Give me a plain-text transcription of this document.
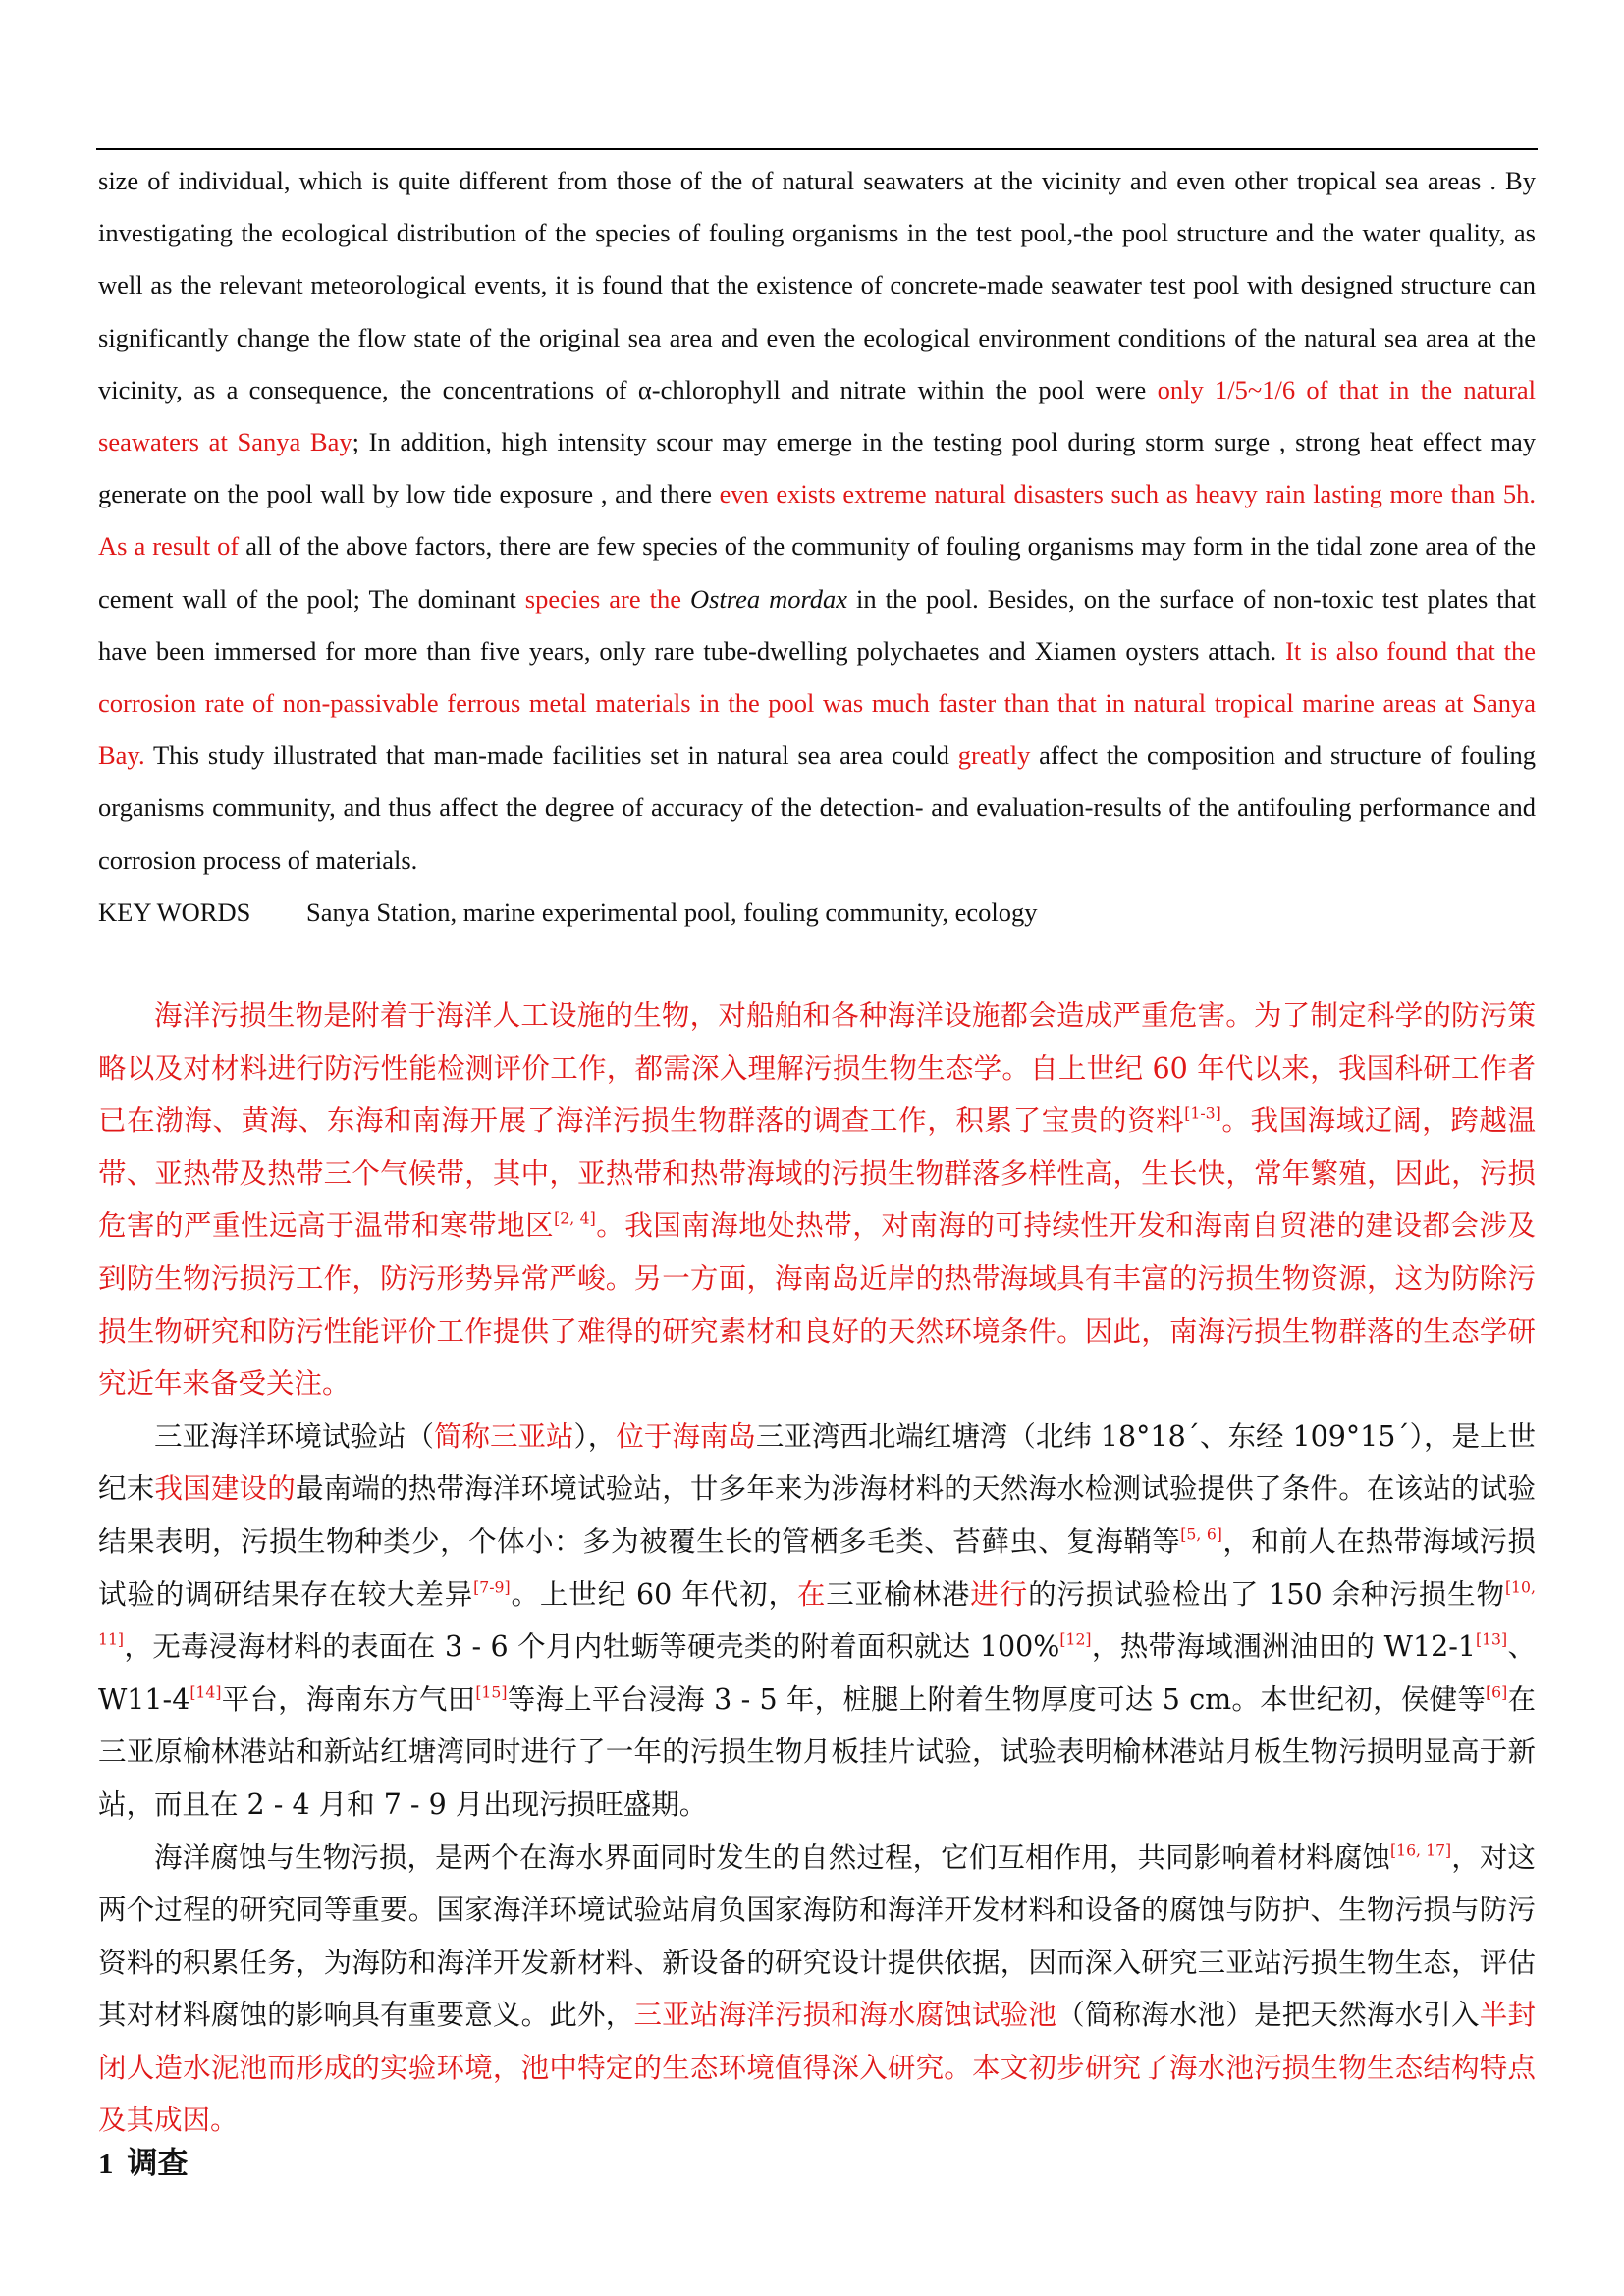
size of individual, which is quite different from those of the of natural seawaters at the vicinity and even other tropical sea areas . By investigating the ecological distribution of the species of fouling organisms in the test pool,-the pool structure and the water quality, as well as the relevant meteorological events, it is found that the existence of concrete-made seawater test pool with designed structure can significantly change the flow state of the original sea area and even the ecological environment conditions of the natural sea area at the vicinity, as a consequence, the concentrations of α-chlorophyll and nitrate within the pool were only 1/5~1/6 of that in the natural seawaters at Sanya Bay; In addition, high intensity scour may emerge in the testing pool during storm surge , strong heat effect may generate on the pool wall by low tide exposure , and there even exists extreme natural disasters such as heavy rain lasting more than 5h. As a result of all of the above factors, there are few species of the community of fouling organisms may form in the tidal zone area of the cement wall of the pool; The dominant species are the Ostrea mordax in the pool. Besides, on the surface of non-toxic test plates that have been immersed for more than five years, only rare tube-dwelling polychaetes and Xiamen oysters attach. It is also found that the corrosion rate of non-passivable ferrous metal materials in the pool was much faster than that in natural tropical marine areas at Sanya Bay. This study illustrated that man-made facilities set in natural sea area could greatly affect the composition and structure of fouling organisms community, and thus affect the degree of accuracy of the detection- and evaluation-results of the antifouling performance and corrosion process of materials.

KEY WORDS Sanya Station, marine experimental pool, fouling community, ecology

海洋污损生物是附着于海洋人工设施的生物，对船舶和各种海洋设施都会造成严重危害。为了制定科学的防污策略以及对材料进行防污性能检测评价工作，都需深入理解污损生物生态学。自上世纪 60 年代以来，我国科研工作者已在渤海、黄海、东海和南海开展了海洋污损生物群落的调查工作，积累了宝贵的资料[1-3]。我国海域辽阔，跨越温带、亚热带及热带三个气候带，其中，亚热带和热带海域的污损生物群落多样性高，生长快，常年繁殖，因此，污损危害的严重性远高于温带和寒带地区[2, 4]。我国南海地处热带，对南海的可持续性开发和海南自贸港的建设都会涉及到防生物污损污工作，防污形势异常严峻。另一方面，海南岛近岸的热带海域具有丰富的污损生物资源，这为防除污损生物研究和防污性能评价工作提供了难得的研究素材和良好的天然环境条件。因此，南海污损生物群落的生态学研究近年来备受关注。

三亚海洋环境试验站（简称三亚站），位于海南岛三亚湾西北端红塘湾（北纬 18°18´、东经 109°15´），是上世纪末我国建设的最南端的热带海洋环境试验站，廿多年来为涉海材料的天然海水检测试验提供了条件。在该站的试验结果表明，污损生物种类少，个体小：多为被覆生长的管栖多毛类、苔藓虫、复海鞘等[5, 6]，和前人在热带海域污损试验的调研结果存在较大差异[7-9]。上世纪 60 年代初，在三亚榆林港进行的污损试验检出了 150 余种污损生物[10, 11]，无毒浸海材料的表面在 3 - 6 个月内牡蛎等硬壳类的附着面积就达 100%[12]，热带海域涠洲油田的 W12-1[13]、W11-4[14]平台，海南东方气田[15]等海上平台浸海 3 - 5 年，桩腿上附着生物厚度可达 5 cm。本世纪初，侯健等[6]在三亚原榆林港站和新站红塘湾同时进行了一年的污损生物月板挂片试验，试验表明榆林港站月板生物污损明显高于新站，而且在 2 - 4 月和 7 - 9 月出现污损旺盛期。

海洋腐蚀与生物污损，是两个在海水界面同时发生的自然过程，它们互相作用，共同影响着材料腐蚀[16, 17]，对这两个过程的研究同等重要。国家海洋环境试验站肩负国家海防和海洋开发材料和设备的腐蚀与防护、生物污损与防污资料的积累任务，为海防和海洋开发新材料、新设备的研究设计提供依据，因而深入研究三亚站污损生物生态，评估其对材料腐蚀的影响具有重要意义。此外，三亚站海洋污损和海水腐蚀试验池（简称海水池）是把天然海水引入半封闭人造水泥池而形成的实验环境，池中特定的生态环境值得深入研究。本文初步研究了海水池污损生物生态结构特点及其成因。

1 调查
